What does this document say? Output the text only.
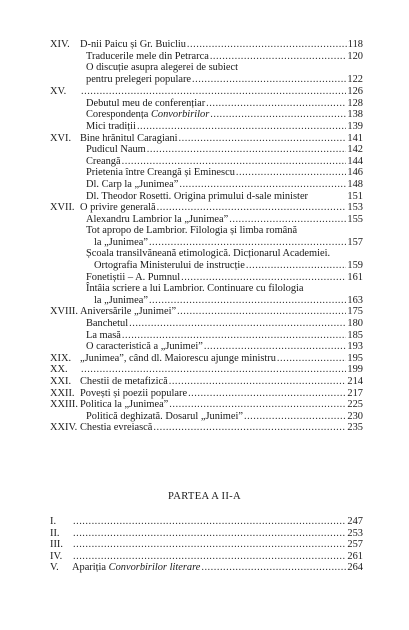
XIV. D-nii Paicu și Gr. Buicliu .....	118
Traducerile mele din Petrarca .....	120
O discuție asupra alegerei de subiect
pentru prelegeri populare .....	122
XV. .....	126
Debutul meu de conferențiar .....	128
Corespondența Convorbirilor .....	138
Mici tradiții .....	139
XVI. Bine hrănitul Caragiani .....	141
Pudicul Naum .....	142
Creangă .....	144
Prietenia între Creangă și Eminescu .....	146
Dl. Carp la „Junimea” .....	148
Dl. Theodor Rosetti. Origina primului d-sale minister	151
XVII. O privire generală .....	153
Alexandru Lambrior la „Junimea” .....	155
Tot apropo de Lambrior. Filologia și limba română
la „Junimea” .....	157
Școala transilvăneană etimologică. Dicționarul Academiei.
Ortografia Ministerului de instrucție .....	159
Fonetiștii – A. Pumnul .....	161
Întâia scriere a lui Lambrior. Continuare cu filologia
la „Junimea” .....	163
XVIII. Aniversările „Junimei” .....	175
Banchetul .....	180
La masă .....	185
O caracteristică a „Junimei” .....	193
XIX. „Junimea”, când dl. Maiorescu ajunge ministru .....	195
XX. .....	199
XXI. Chestii de metafizică .....	214
XXII. Povești și poezii populare .....	217
XXIII. Politica la „Junimea” .....	225
Politică deghizată. Dosarul „Junimei” .....	230
XXIV. Chestia evreiască .....	235
PARTEA A II-A
I. .....	247
II. .....	253
III. .....	257
IV. .....	261
V. Apariția Convorbirilor literare .....	264
